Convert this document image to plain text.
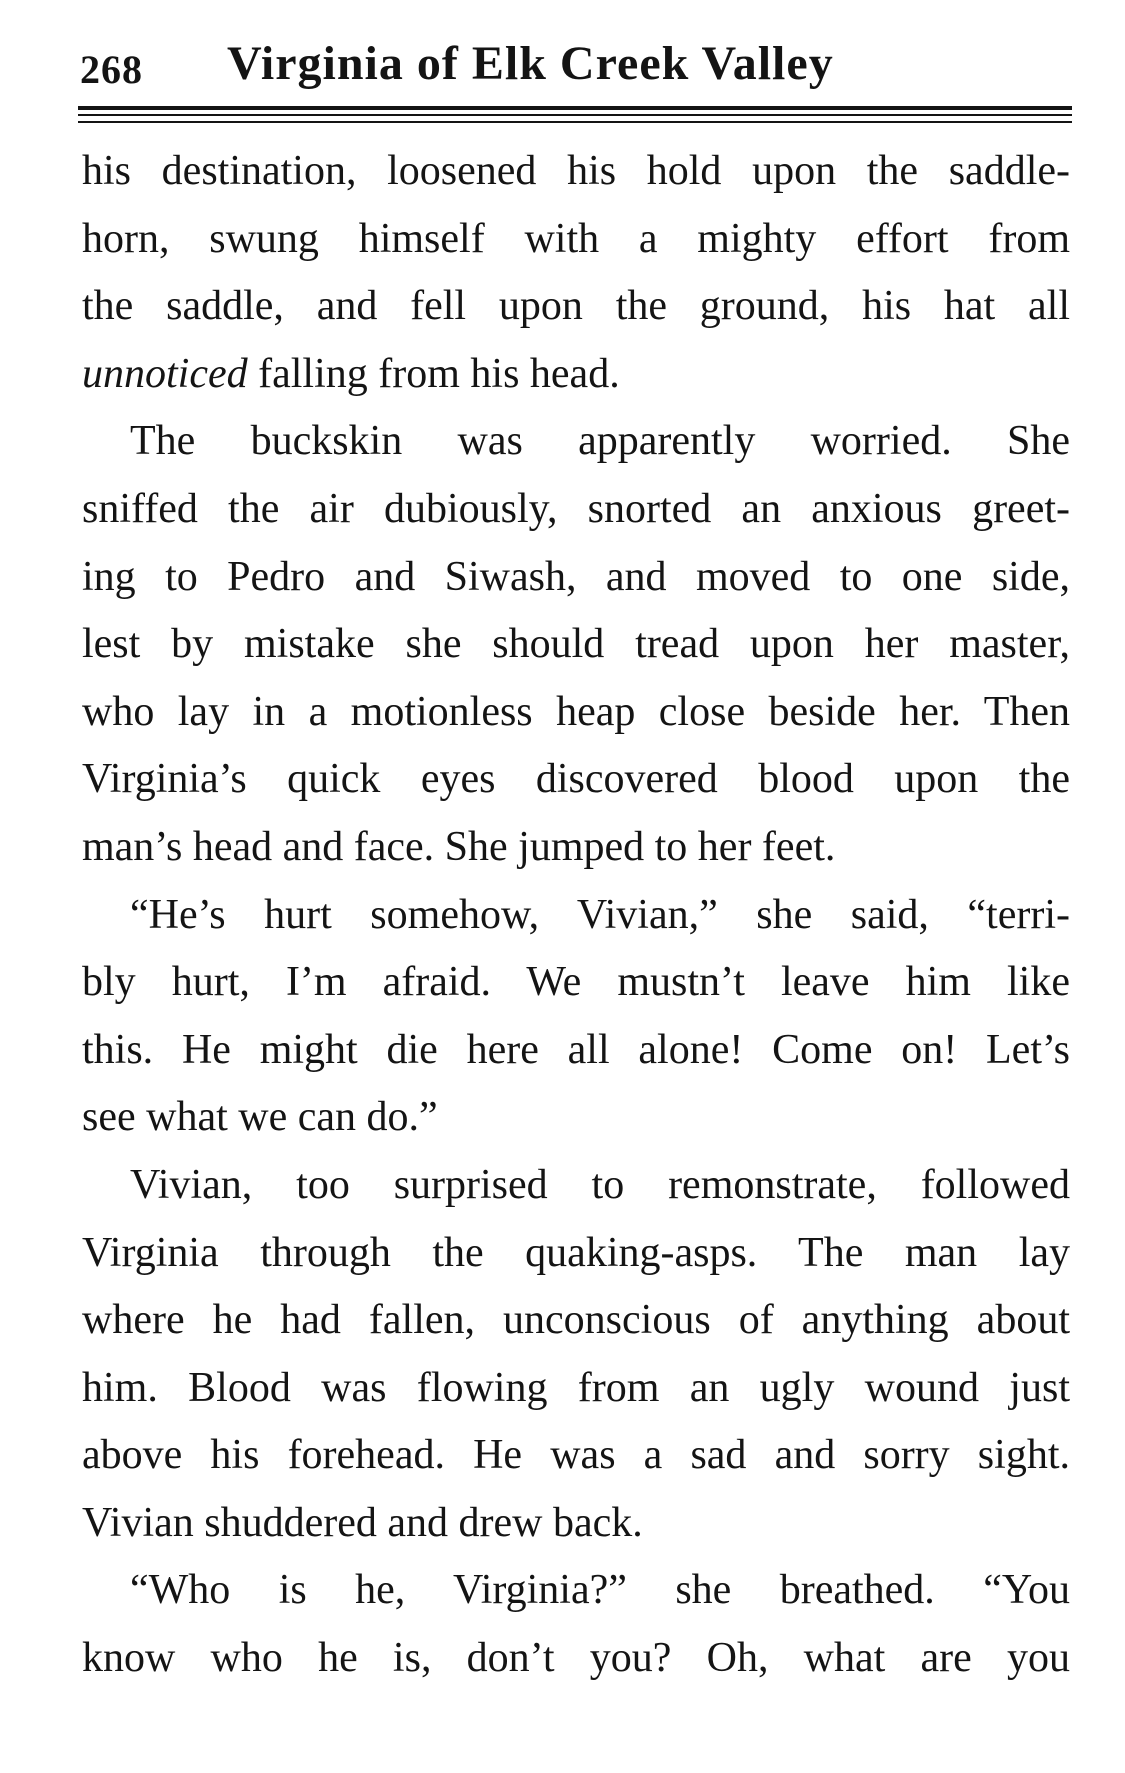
268 Virginia of Elk Creek Valley
his destination, loosened his hold upon the saddle-
horn, swung himself with a mighty effort from
the saddle, and fell upon the ground, his hat all
unnoticed falling from his head.
The buckskin was apparently worried. She
sniffed the air dubiously, snorted an anxious greet-
ing to Pedro and Siwash, and moved to one side,
lest by mistake she should tread upon her master,
who lay in a motionless heap close beside her. Then
Virginia’s quick eyes discovered blood upon the
man’s head and face. She jumped to her feet.
“He’s hurt somehow, Vivian,” she said, “terri-
bly hurt, I’m afraid. We mustn’t leave him like
this. He might die here all alone! Come on! Let’s
see what we can do.”
Vivian, too surprised to remonstrate, followed
Virginia through the quaking-asps. The man lay
where he had fallen, unconscious of anything about
him. Blood was flowing from an ugly wound just
above his forehead. He was a sad and sorry sight.
Vivian shuddered and drew back.
“Who is he, Virginia?” she breathed. “You
know who he is, don’t you? Oh, what are you
